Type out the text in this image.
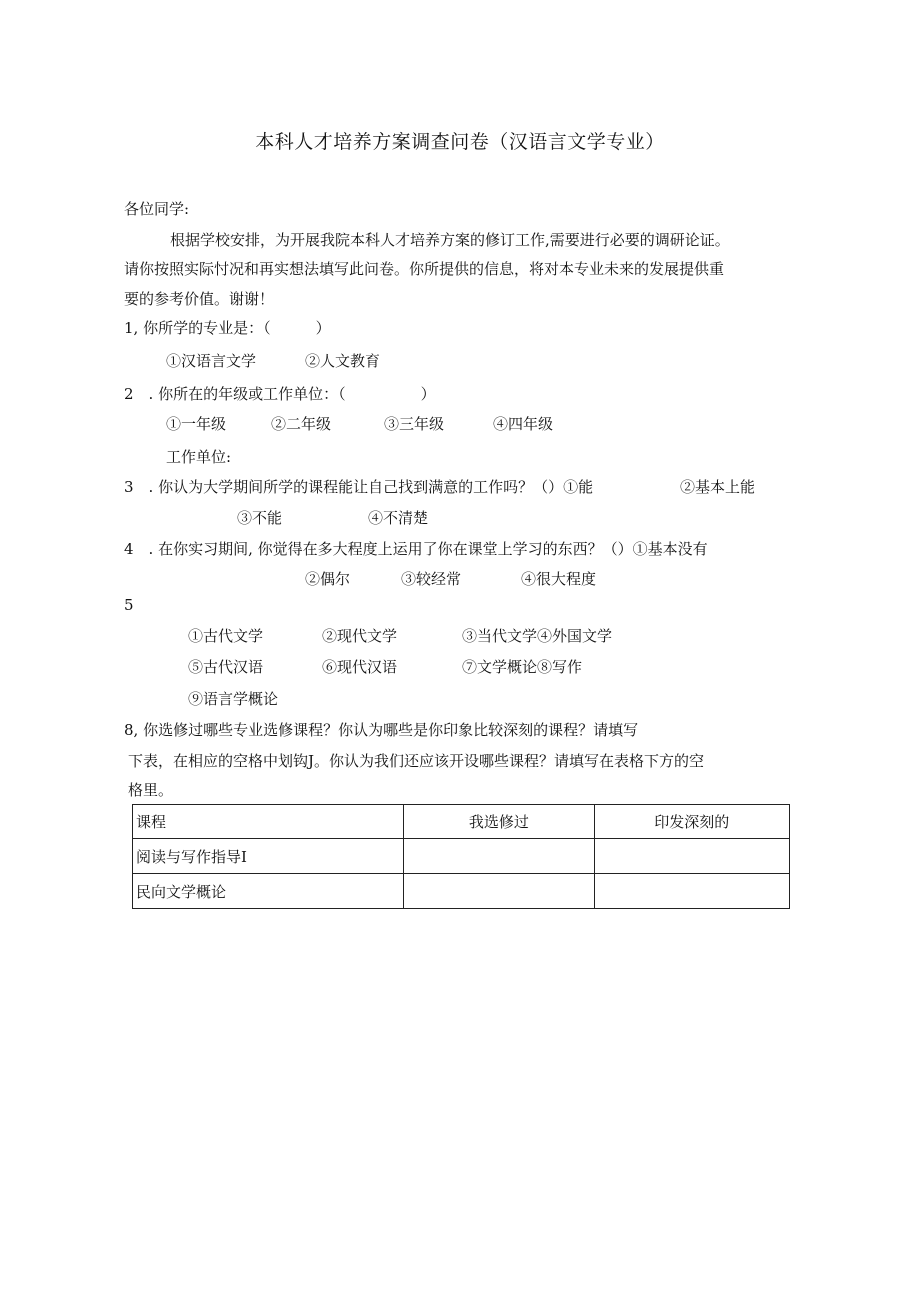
本科人才培养方案调查问卷（汉语言文学专业）
各位同学:
根据学校安排，为开展我院本科人才培养方案的修订工作,需要进行必要的调研论证。
请你按照实际忖况和再实想法填写此问卷。你所提供的信息，将对本专业未来的发展提供重
要的参考价值。谢谢！
1, 你所学的专业是：（　　　）
①汉语言文学	②人文教育
2　. 你所在的年级或工作单位：（　　　　　）
①一年级	②二年级	③三年级	④四年级
工作单位:
3　. 你认为大学期间所学的课程能让自己找到满意的工作吗？（）①能	②基本上能
③不能	④不清楚
4　. 在你实习期间, 你觉得在多大程度上运用了你在课堂上学习的东西？（）①基本没有
②偶尔	③较经常	④很大程度
5
①古代文学	②现代文学	③当代文学④外国文学
⑤古代汉语	⑥现代汉语	⑦文学概论⑧写作
⑨语言学概论
8, 你选修过哪些专业选修课程？你认为哪些是你印象比较深刻的课程？请填写
下表，在相应的空格中划钩J。你认为我们还应该开设哪些课程？请填写在表格下方的空
格里。
课程	我选修过	印发深刻的
阅读与写作指导I		
民向文学概论		
